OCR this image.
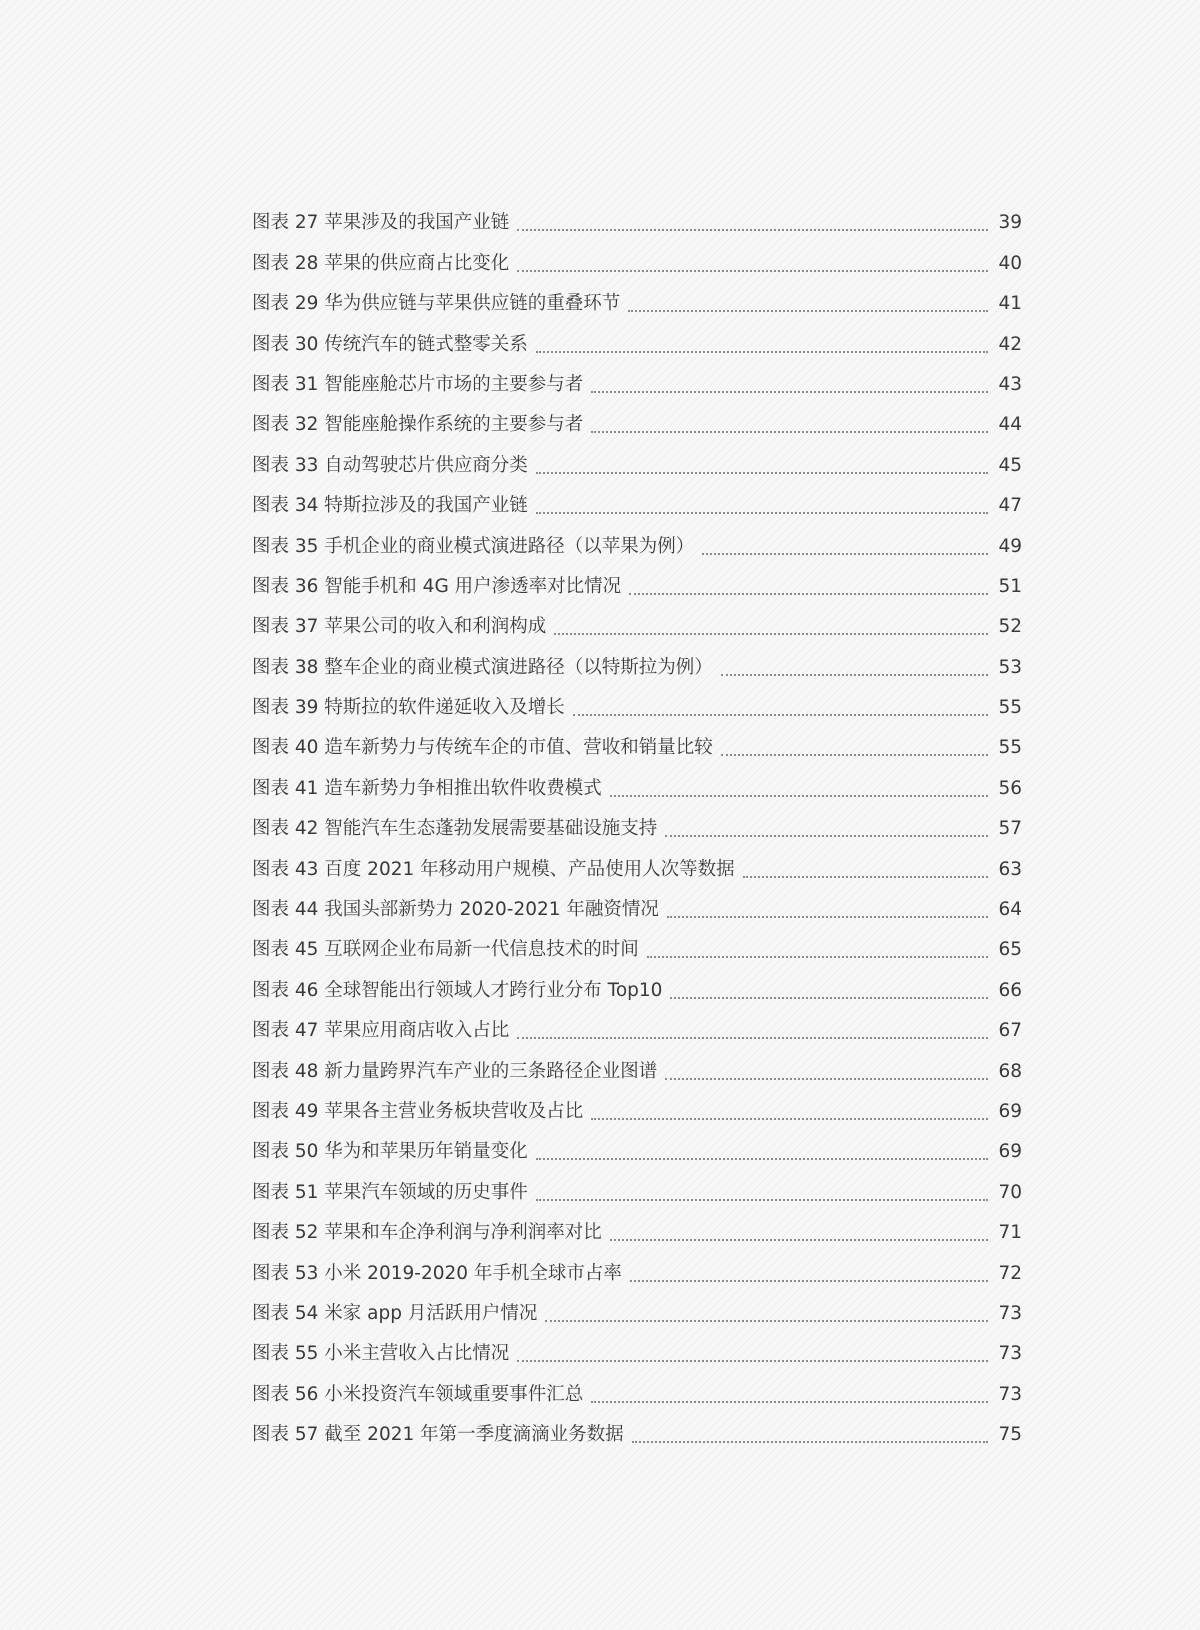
图表 27 苹果涉及的我国产业链	39
图表 28 苹果的供应商占比变化	40
图表 29 华为供应链与苹果供应链的重叠环节	41
图表 30 传统汽车的链式整零关系	42
图表 31 智能座舱芯片市场的主要参与者	43
图表 32 智能座舱操作系统的主要参与者	44
图表 33 自动驾驶芯片供应商分类	45
图表 34 特斯拉涉及的我国产业链	47
图表 35 手机企业的商业模式演进路径（以苹果为例）	49
图表 36 智能手机和 4G 用户渗透率对比情况	51
图表 37 苹果公司的收入和利润构成	52
图表 38 整车企业的商业模式演进路径（以特斯拉为例）	53
图表 39 特斯拉的软件递延收入及增长	55
图表 40 造车新势力与传统车企的市值、营收和销量比较	55
图表 41 造车新势力争相推出软件收费模式	56
图表 42 智能汽车生态蓬勃发展需要基础设施支持	57
图表 43 百度 2021 年移动用户规模、产品使用人次等数据	63
图表 44 我国头部新势力 2020-2021 年融资情况	64
图表 45 互联网企业布局新一代信息技术的时间	65
图表 46 全球智能出行领域人才跨行业分布 Top10	66
图表 47 苹果应用商店收入占比	67
图表 48 新力量跨界汽车产业的三条路径企业图谱	68
图表 49 苹果各主营业务板块营收及占比	69
图表 50 华为和苹果历年销量变化	69
图表 51 苹果汽车领域的历史事件	70
图表 52 苹果和车企净利润与净利润率对比	71
图表 53 小米 2019-2020 年手机全球市占率	72
图表 54 米家 app 月活跃用户情况	73
图表 55 小米主营收入占比情况	73
图表 56 小米投资汽车领域重要事件汇总	73
图表 57 截至 2021 年第一季度滴滴业务数据	75
